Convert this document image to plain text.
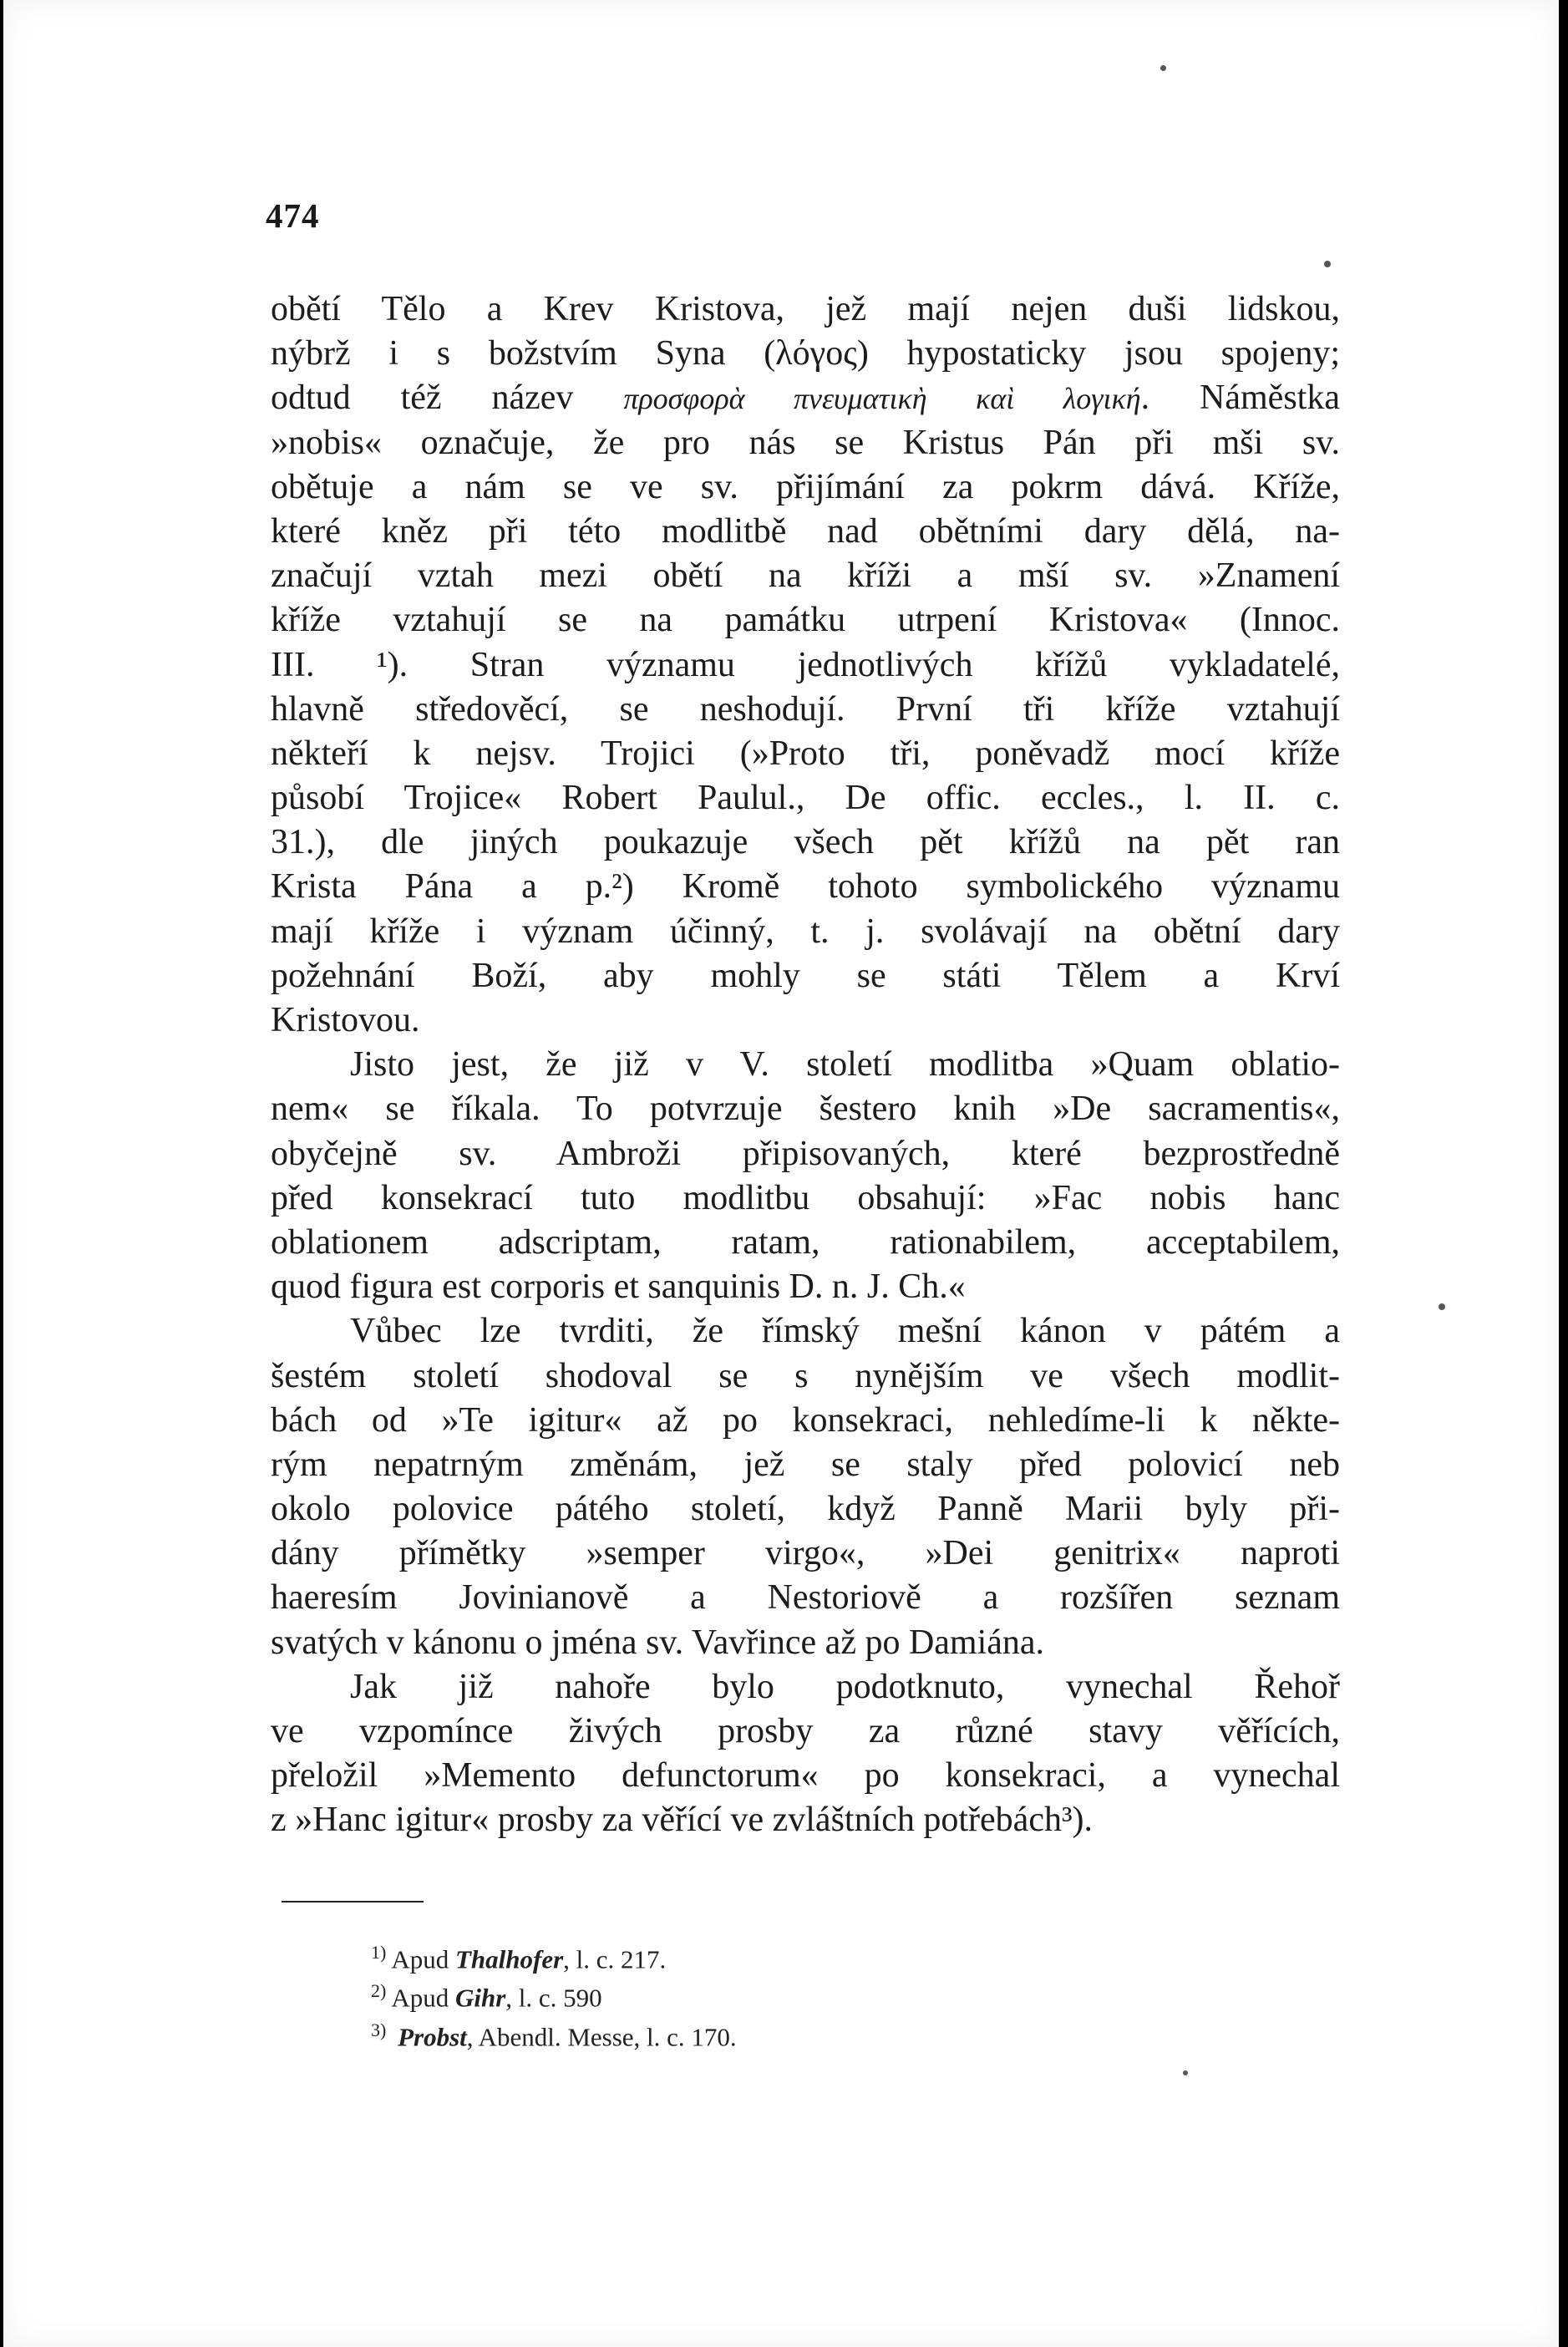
474
obětí Tělo a Krev Kristova, jež mají nejen duši lidskou,
nýbrž i s božstvím Syna (λόγος) hypostaticky jsou spojeny;
odtud též název προσφορὰ πνευματικὴ καὶ λογική. Náměstka
»nobis« označuje, že pro nás se Kristus Pán při mši sv.
obětuje a nám se ve sv. přijímání za pokrm dává. Kříže,
které kněz při této modlitbě nad obětními dary dělá, na-
značují vztah mezi obětí na kříži a mší sv. »Znamení
kříže vztahují se na památku utrpení Kristova« (Innoc.
III. ¹). Stran významu jednotlivých křížů vykladatelé,
hlavně středověcí, se neshodují. První tři kříže vztahují
někteří k nejsv. Trojici (»Proto tři, poněvadž mocí kříže
působí Trojice« Robert Paulul., De offic. eccles., l. II. c.
31.), dle jiných poukazuje všech pět křížů na pět ran
Krista Pána a p.²) Kromě tohoto symbolického významu
mají kříže i význam účinný, t. j. svolávají na obětní dary
požehnání Boží, aby mohly se státi Tělem a Krví
Kristovou.
Jisto jest, že již v V. století modlitba »Quam oblatio-
nem« se říkala. To potvrzuje šestero knih »De sacramentis«,
obyčejně sv. Ambroži připisovaných, které bezprostředně
před konsekrací tuto modlitbu obsahují: »Fac nobis hanc
oblationem adscriptam, ratam, rationabilem, acceptabilem,
quod figura est corporis et sanquinis D. n. J. Ch.«
Vůbec lze tvrditi, že římský mešní kánon v pátém a
šestém století shodoval se s nynějším ve všech modlit-
bách od »Te igitur« až po konsekraci, nehledíme-li k někte-
rým nepatrným změnám, jež se staly před polovicí neb
okolo polovice pátého století, když Panně Marii byly při-
dány přímětky »semper virgo«, »Dei genitrix« naproti
haeresím Jovinianově a Nestoriově a rozšířen seznam
svatých v kánonu o jména sv. Vavřince až po Damiána.
Jak již nahoře bylo podotknuto, vynechal Řehoř
ve vzpomínce živých prosby za různé stavy věřících,
přeložil »Memento defunctorum« po konsekraci, a vynechal
z »Hanc igitur« prosby za věřící ve zvláštních potřebách³).
$^{1)}$ Apud Thalhofer, l. c. 217.
$^{2)}$ Apud Gihr, l. c. 590
$^{3)}$ Probst, Abendl. Messe, l. c. 170.
